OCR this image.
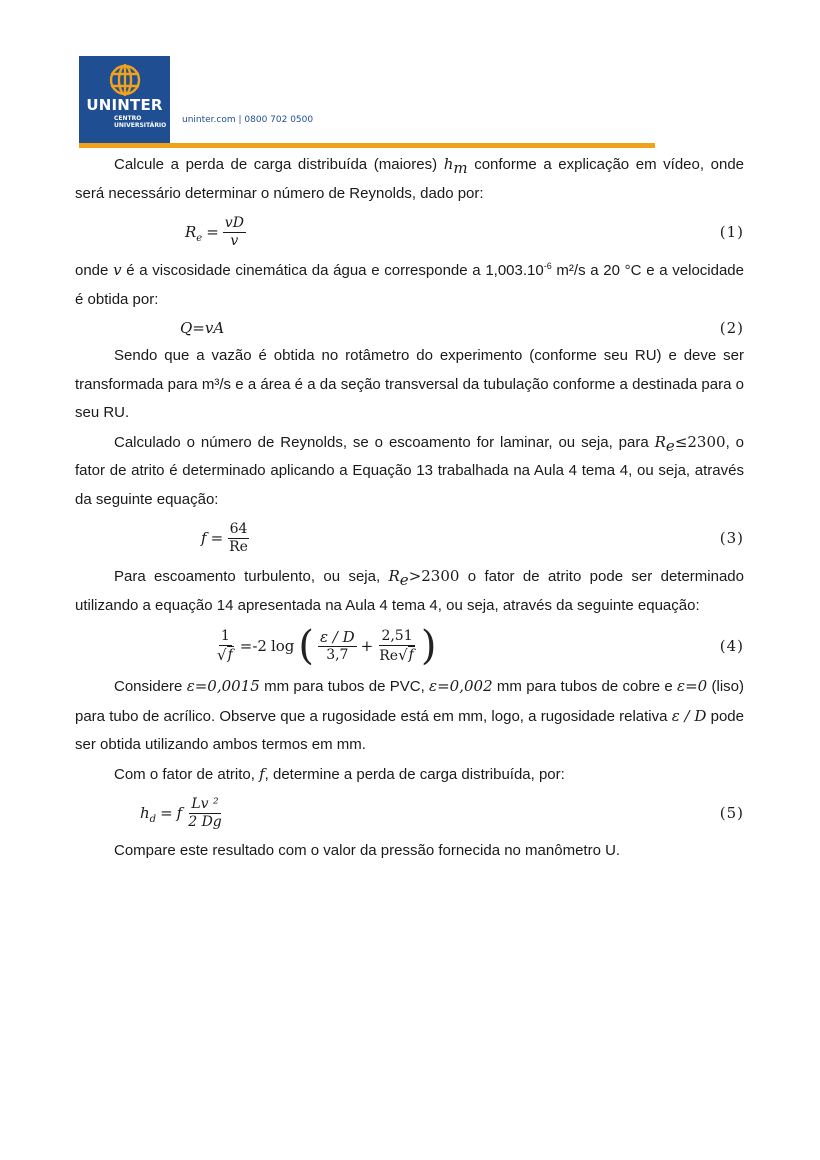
UNINTER
CENTRO
UNIVERSITÁRIO
uninter.com | 0800 702 0500

Calcule a perda de carga distribuída (maiores) $h_m$ conforme a explicação em vídeo, onde será necessário determinar o número de Reynolds, dado por:

$R_e = \frac{vD}{v}$	(1)

onde v é a viscosidade cinemática da água e corresponde a $1,003.10^{-6}$ m²/s a 20 °C e a velocidade é obtida por:

Q=vA	(2)

Sendo que a vazão é obtida no rotâmetro do experimento (conforme seu RU) e deve ser transformada para m³/s e a área é a da seção transversal da tubulação conforme a destinada para o seu RU.

Calculado o número de Reynolds, se o escoamento for laminar, ou seja, para $R_e\le 2300$, o fator de atrito é determinado aplicando a Equação 13 trabalhada na Aula 4 tema 4, ou seja, através da seguinte equação:

$f = \frac{64}{Re}$	(3)

Para escoamento turbulento, ou seja, $R_e>2300$ o fator de atrito pode ser determinado utilizando a equação 14 apresentada na Aula 4 tema 4, ou seja, através da seguinte equação:

$\frac{1}{√ f} =-2$ log ( $\frac{\varepsilon / D}{3,7} + \frac{2,51}{Re √ f}$ )	(4)

Considere ε=0,0015 mm para tubos de PVC, ε=0,002 mm para tubos de cobre e ε=0 (liso) para tubo de acrílico. Observe que a rugosidade está em mm, logo, a rugosidade relativa ε / D pode ser obtida utilizando ambos termos em mm.

Com o fator de atrito, f, determine a perda de carga distribuída, por:

$h_d = f \frac{\text{Lv ²}}{2 Dg}$	(5)

Compare este resultado com o valor da pressão fornecida no manômetro U.
